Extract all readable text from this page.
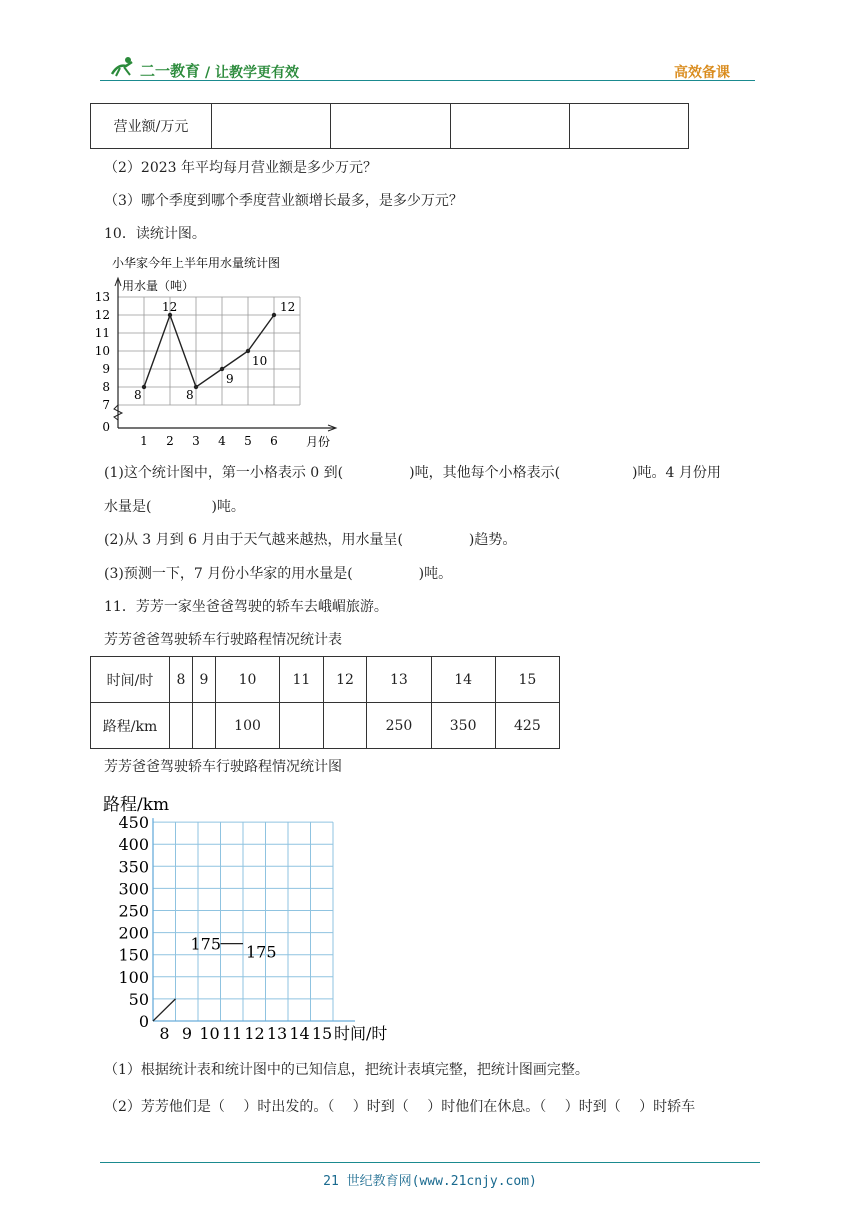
二一教育 / 让教学更有效	高效备课
营业额/万元				
（2）2023 年平均每月营业额是多少万元？
（3）哪个季度到哪个季度营业额增长最多，是多少万元？
10．读统计图。
小华家今年上半年用水量统计图
用水量（吨）
月份
0
7
8
9
10
11
12
13
1 2 3 4 5 6
8
12
8
9
10
12
(1)这个统计图中，第一小格表示 0 到(	)吨，其他每个小格表示(	)吨。4 月份用
水量是(	)吨。
(2)从 3 月到 6 月由于天气越来越热，用水量呈(	)趋势。
(3)预测一下，7 月份小华家的用水量是(	)吨。
11．芳芳一家坐爸爸驾驶的轿车去峨嵋旅游。
芳芳爸爸驾驶轿车行驶路程情况统计表
时间/时	8	9	10	11	12	13	14	15
路程/km			100			250	350	425
芳芳爸爸驾驶轿车行驶路程情况统计图
路程/km
0
50
100
150
200
250
300
350
400
450
8 9 10 11 12 13 14 15 时间/时
175 175
（1）根据统计表和统计图中的已知信息，把统计表填完整，把统计图画完整。
（2）芳芳他们是（　 ）时出发的。（　 ）时到（　 ）时他们在休息。（　 ）时到（　 ）时轿车
21 世纪教育网(www.21cnjy.com)
